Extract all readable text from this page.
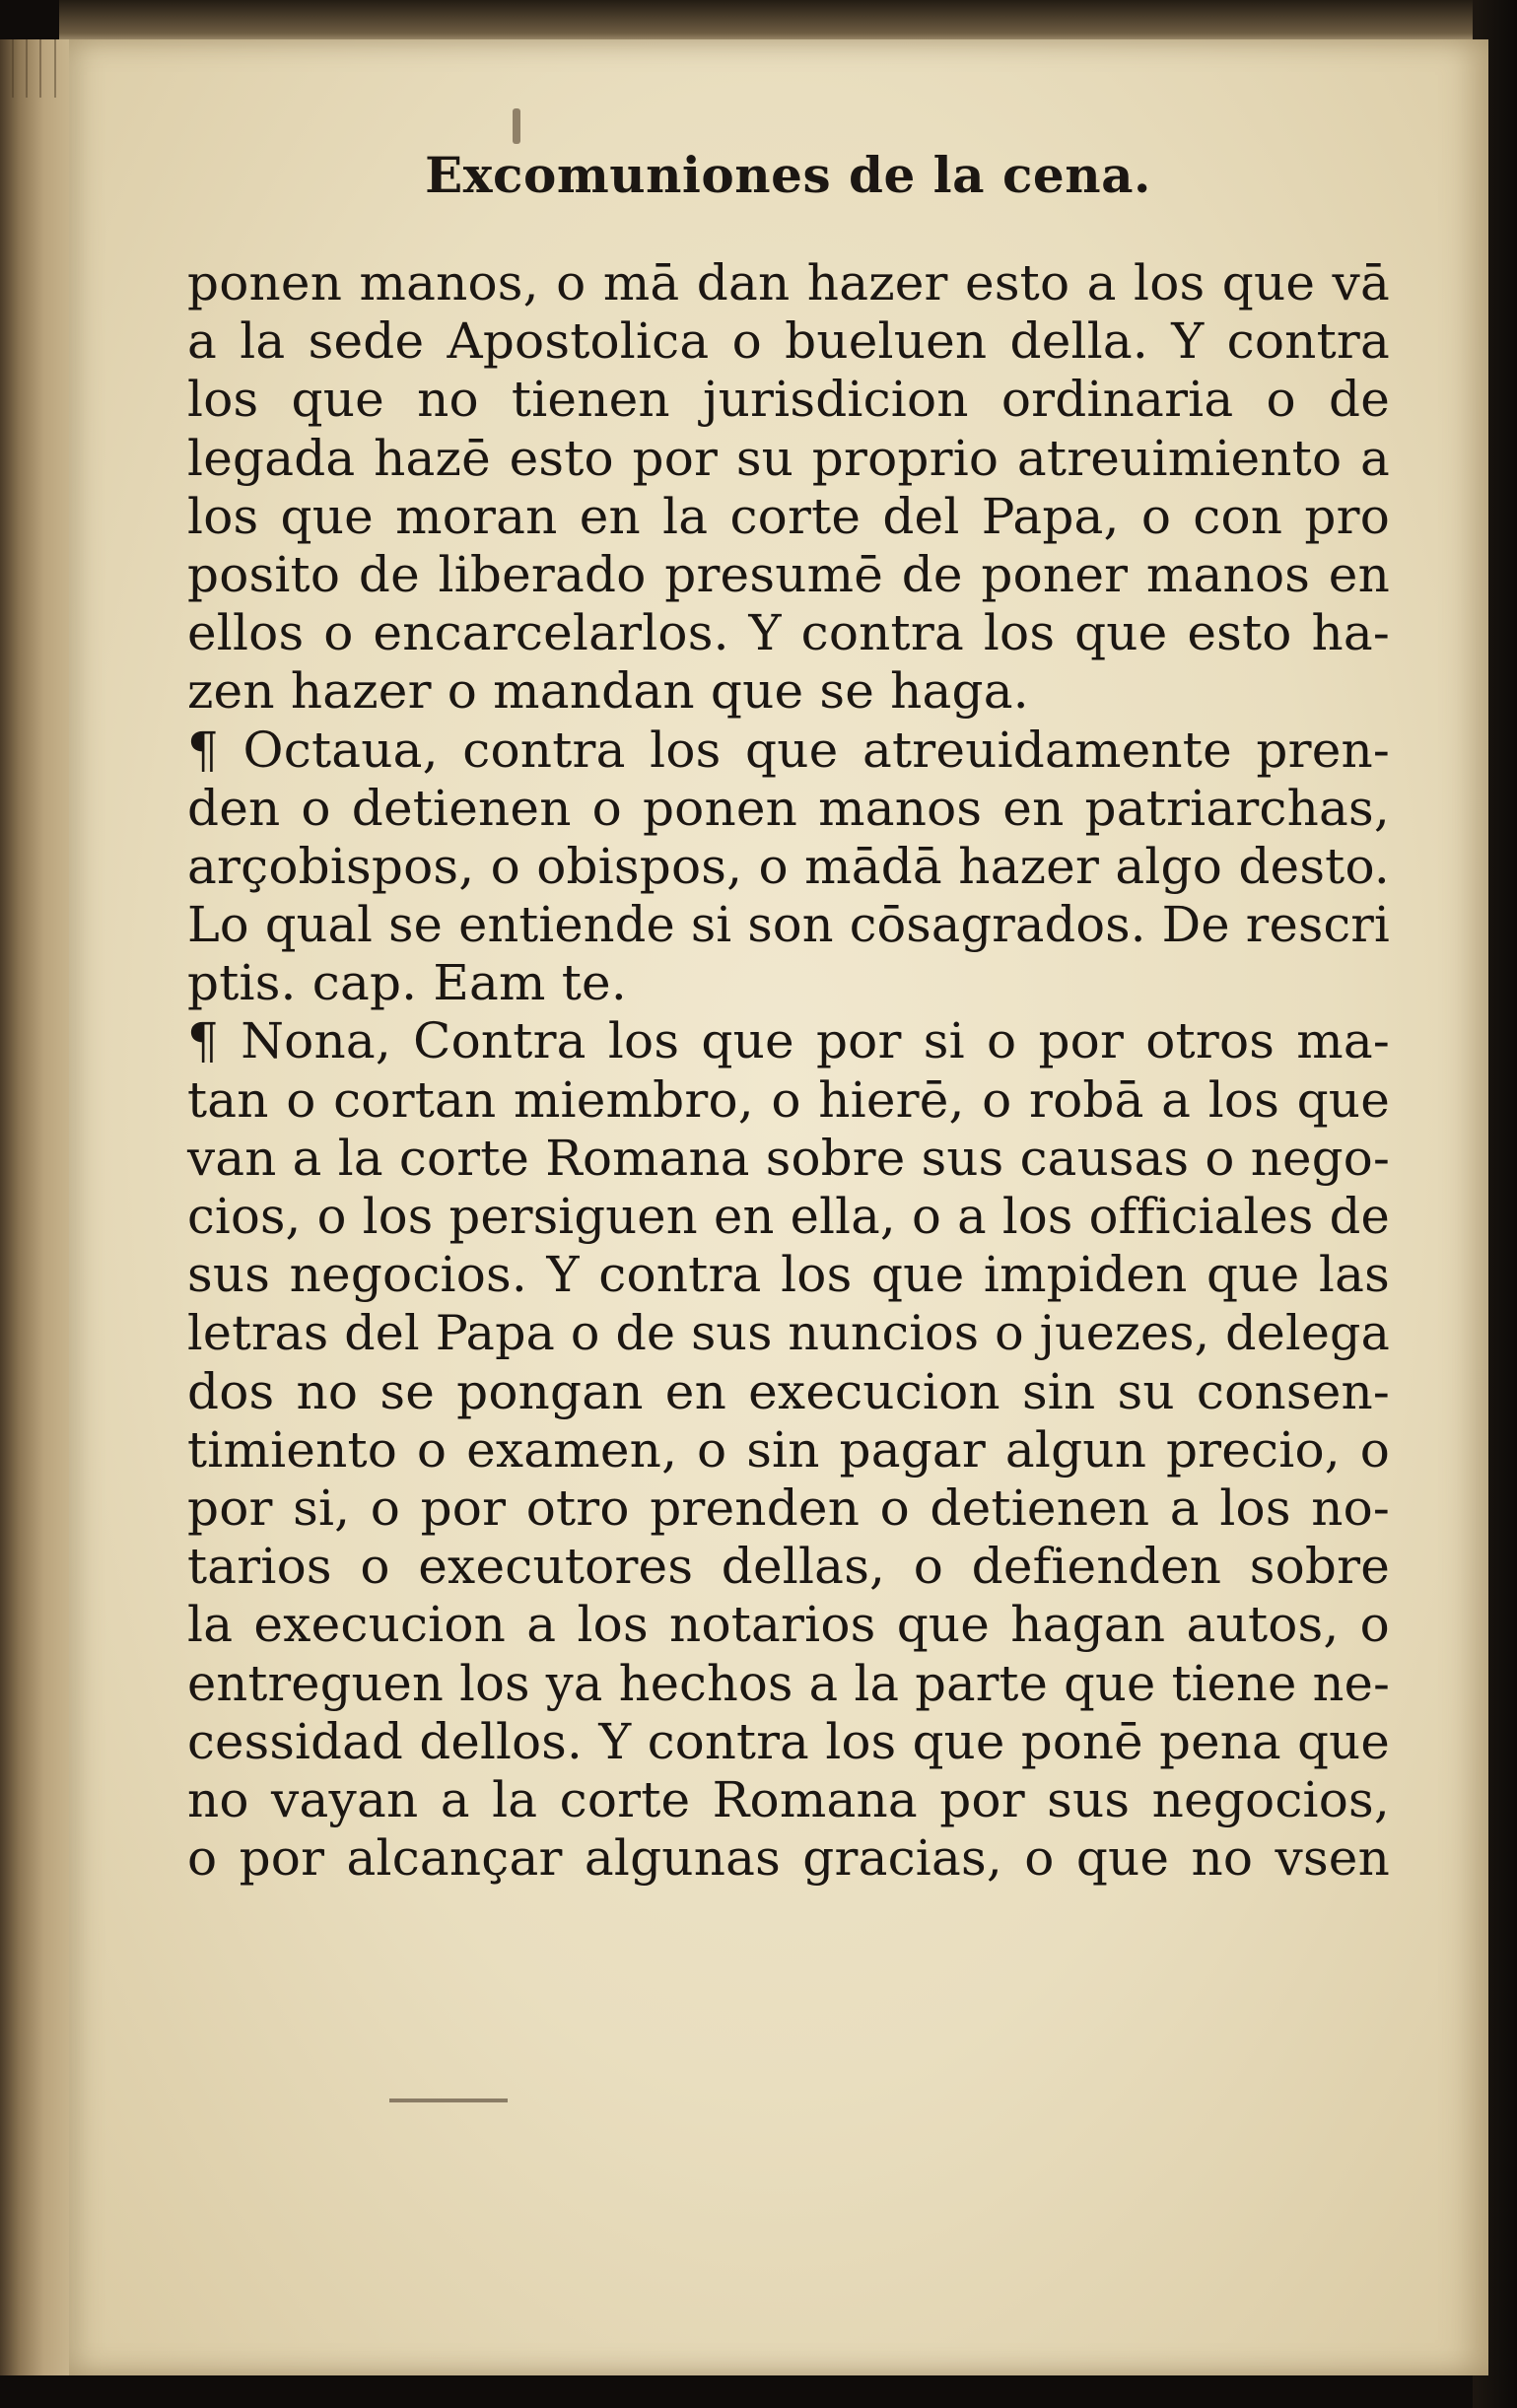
Excomuniones de la cena.
ponen manos, o mā dan hazer esto a los que vā
a la sede Apostolica o bueluen della. Y contra
los que no tienen jurisdicion ordinaria o de
legada hazē esto por su proprio atreuimiento a
los que moran en la corte del Papa, o con pro
posito de liberado presumē de poner manos en
ellos o encarcelarlos. Y contra los que esto ha-
zen hazer o mandan que se haga.
¶ Octaua, contra los que atreuidamente pren-
den o detienen o ponen manos en patriarchas,
arçobispos, o obispos, o mādā hazer algo desto.
Lo qual se entiende si son cōsagrados. De rescri
ptis. cap. Eam te.
¶ Nona, Contra los que por si o por otros ma-
tan o cortan miembro, o hierē, o robā a los que
van a la corte Romana sobre sus causas o nego-
cios, o los persiguen en ella, o a los officiales de
sus negocios. Y contra los que impiden que las
letras del Papa o de sus nuncios o juezes, delega
dos no se pongan en execucion sin su consen-
timiento o examen, o sin pagar algun precio, o
por si, o por otro prenden o detienen a los no-
tarios o executores dellas, o defienden sobre
la execucion a los notarios que hagan autos, o
entreguen los ya hechos a la parte que tiene ne-
cessidad dellos. Y contra los que ponē pena que
no vayan a la corte Romana por sus negocios,
o por alcançar algunas gracias, o que no vsen
